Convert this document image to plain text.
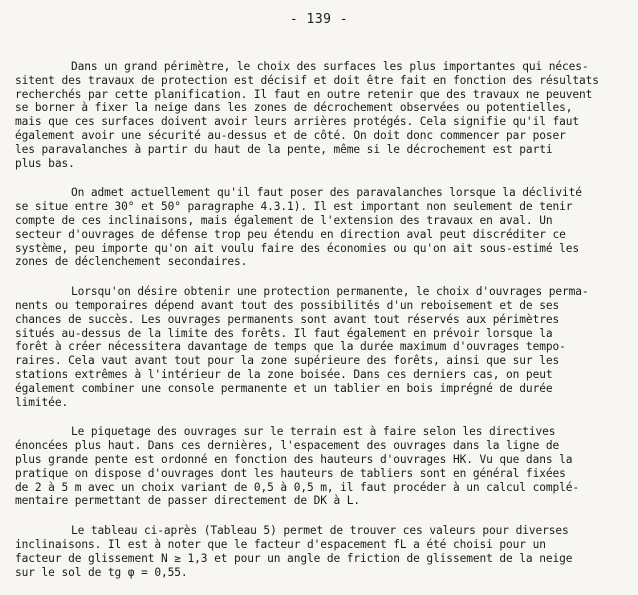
- 139 -

Dans un grand périmètre, le choix des surfaces les plus importantes qui néces-
sitent des travaux de protection est décisif et doit être fait en fonction des résultats
recherchés par cette planification. Il faut en outre retenir que des travaux ne peuvent
se borner à fixer la neige dans les zones de décrochement observées ou potentielles,
mais que ces surfaces doivent avoir leurs arrières protégés. Cela signifie qu'il faut
également avoir une sécurité au-dessus et de côté. On doit donc commencer par poser
les paravalanches à partir du haut de la pente, même si le décrochement est parti
plus bas.

On admet actuellement qu'il faut poser des paravalanches lorsque la déclivité
se situe entre 30° et 50° paragraphe 4.3.1). Il est important non seulement de tenir
compte de ces inclinaisons, mais également de l'extension des travaux en aval. Un
secteur d'ouvrages de défense trop peu étendu en direction aval peut discréditer ce
système, peu importe qu'on ait voulu faire des économies ou qu'on ait sous-estimé les
zones de déclenchement secondaires.

Lorsqu'on désire obtenir une protection permanente, le choix d'ouvrages perma-
nents ou temporaires dépend avant tout des possibilités d'un reboisement et de ses
chances de succès. Les ouvrages permanents sont avant tout réservés aux périmètres
situés au-dessus de la limite des forêts. Il faut également en prévoir lorsque la
forêt à créer nécessitera davantage de temps que la durée maximum d'ouvrages tempo-
raires. Cela vaut avant tout pour la zone supérieure des forêts, ainsi que sur les
stations extrêmes à l'intérieur de la zone boisée. Dans ces derniers cas, on peut
également combiner une console permanente et un tablier en bois imprégné de durée
limitée.

Le piquetage des ouvrages sur le terrain est à faire selon les directives
énoncées plus haut. Dans ces dernières, l'espacement des ouvrages dans la ligne de
plus grande pente est ordonné en fonction des hauteurs d'ouvrages HK. Vu que dans la
pratique on dispose d'ouvrages dont les hauteurs de tabliers sont en général fixées
de 2 à 5 m avec un choix variant de 0,5 à 0,5 m, il faut procéder à un calcul complé-
mentaire permettant de passer directement de DK à L.

Le tableau ci-après (Tableau 5) permet de trouver ces valeurs pour diverses
inclinaisons. Il est à noter que le facteur d'espacement fL a été choisi pour un
facteur de glissement N ≥ 1,3 et pour un angle de friction de glissement de la neige
sur le sol de tg φ = 0,55.
